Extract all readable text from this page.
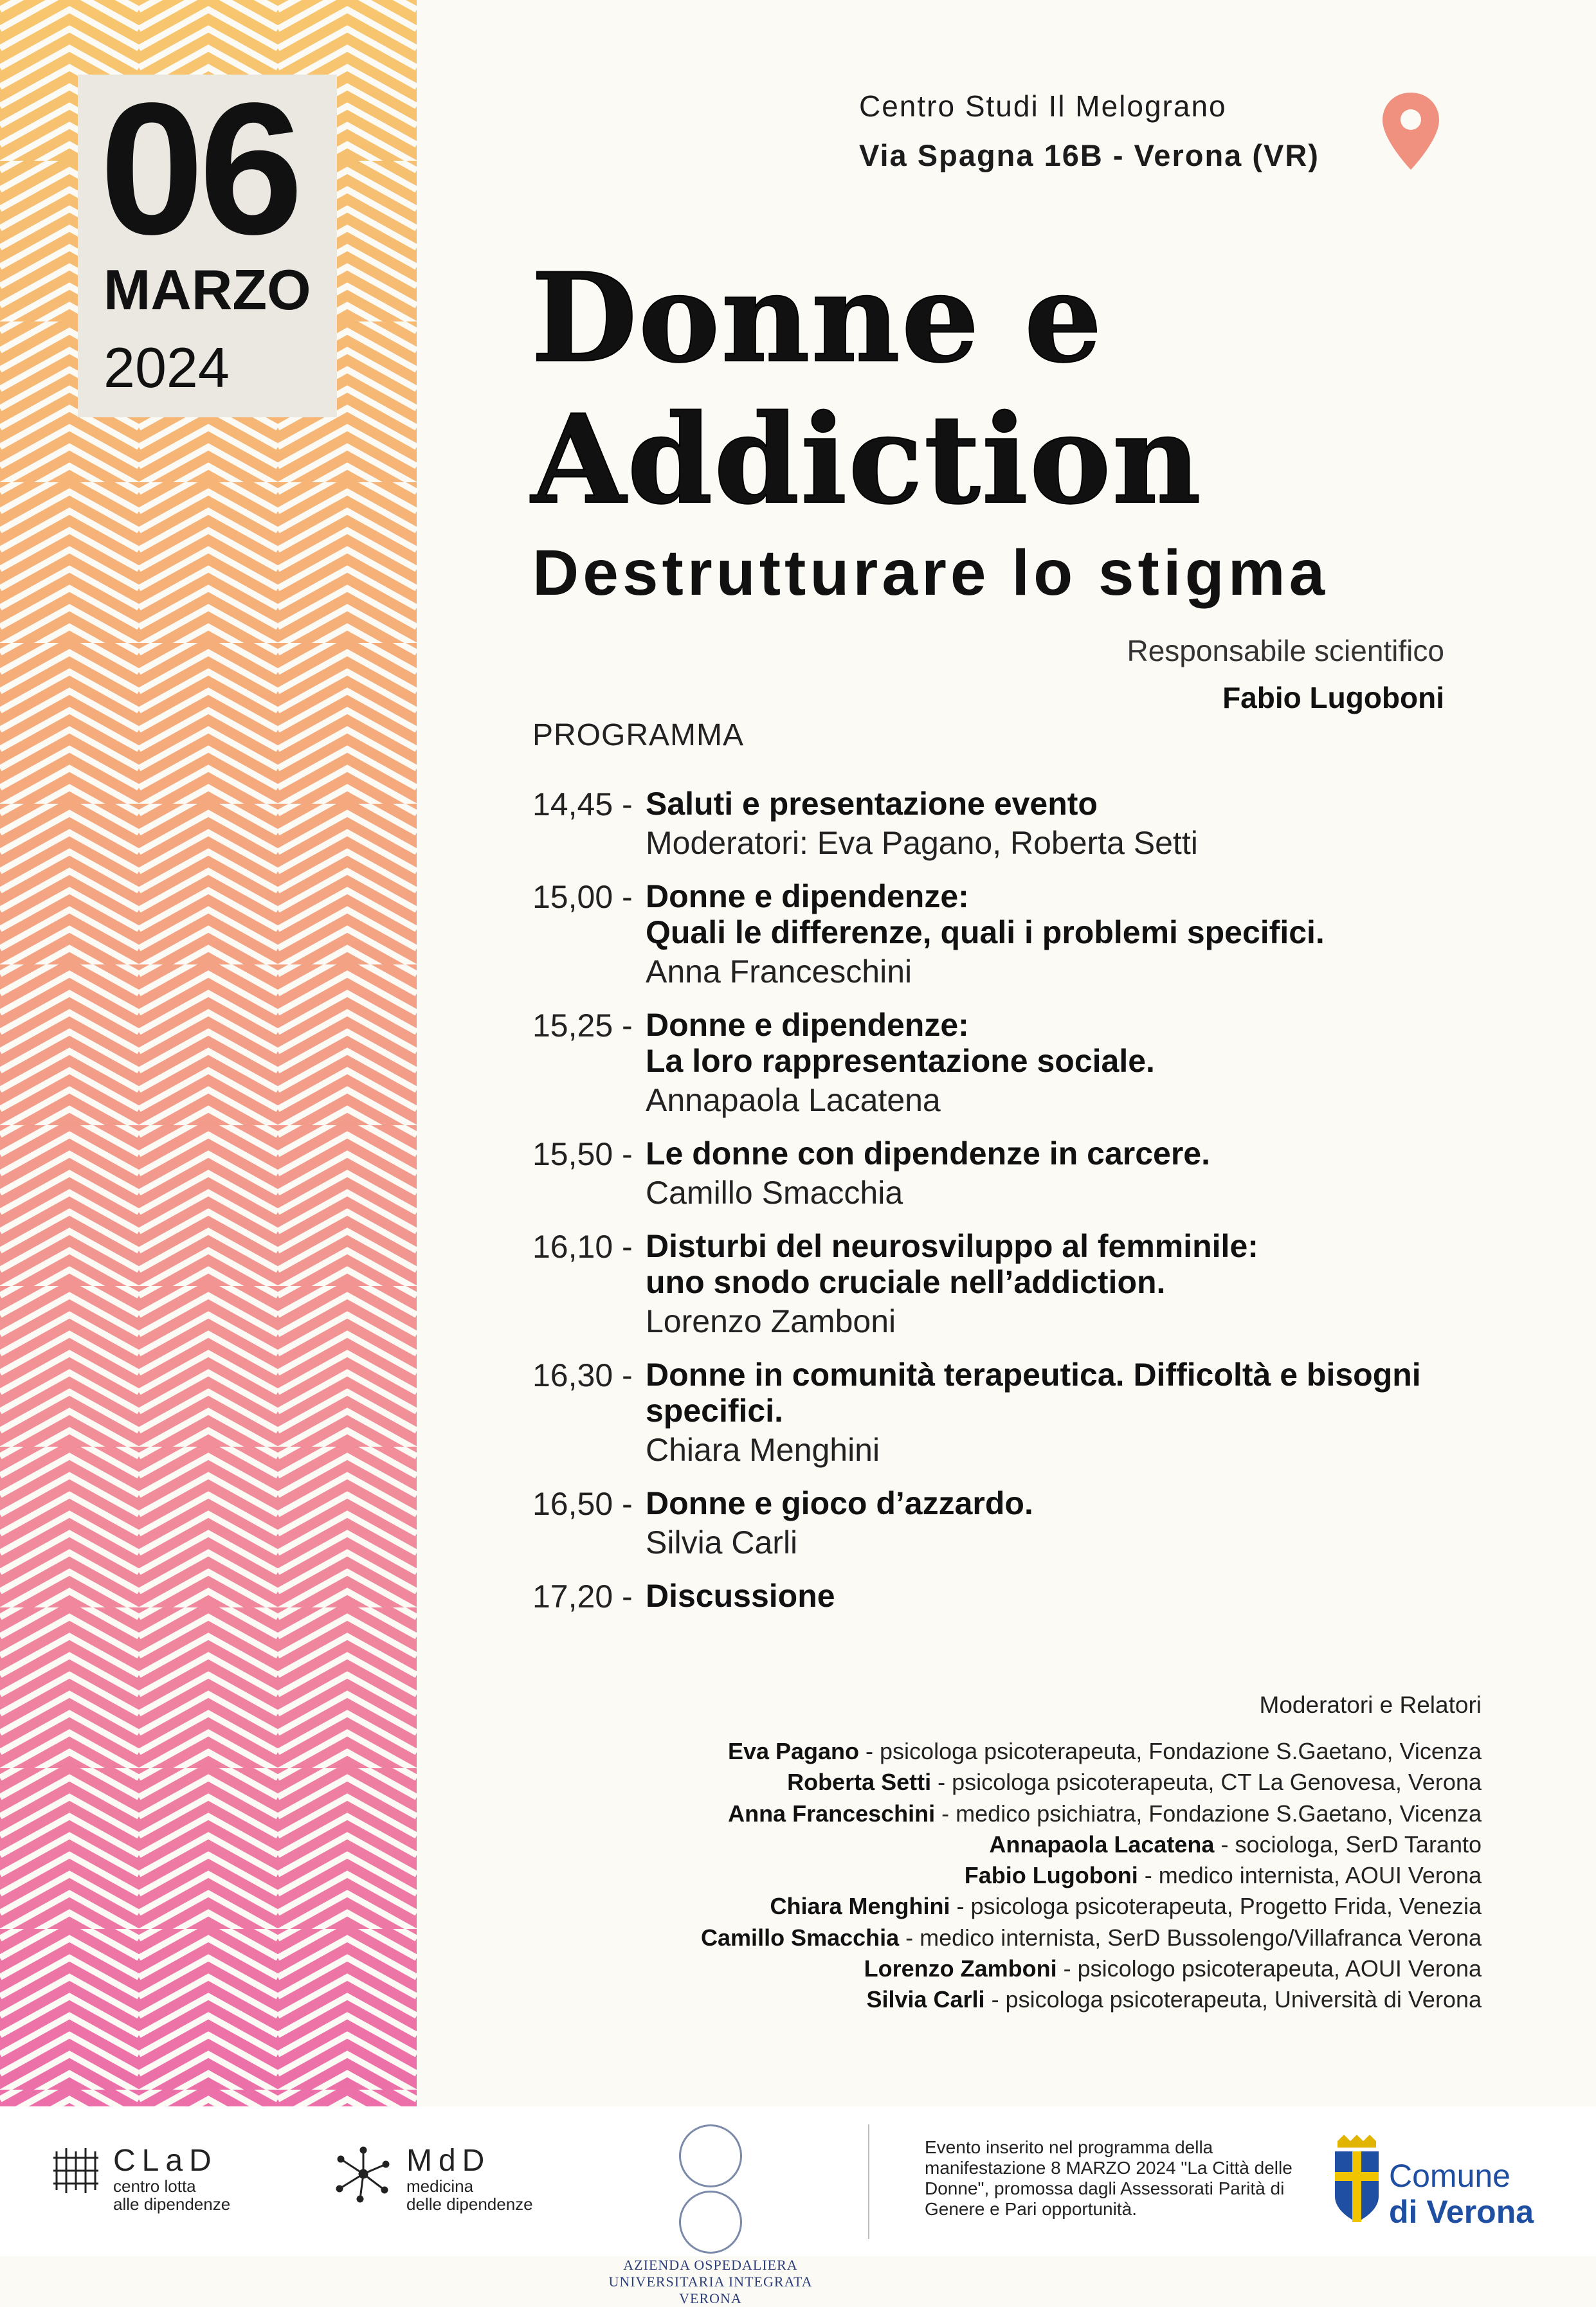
06
MARZO
2024
Centro Studi Il Melograno
Via Spagna 16B - Verona (VR)
Donne e
Addiction
Destrutturare lo stigma
Responsabile scientifico
Fabio Lugoboni
PROGRAMMA
14,45 - Saluti e presentazione evento
Moderatori: Eva Pagano, Roberta Setti
15,00 - Donne e dipendenze:
Quali le differenze, quali i problemi specifici.
Anna Franceschini
15,25 - Donne e dipendenze:
La loro rappresentazione sociale.
Annapaola Lacatena
15,50 - Le donne con dipendenze in carcere.
Camillo Smacchia
16,10 - Disturbi del neurosviluppo al femminile:
uno snodo cruciale nell’addiction.
Lorenzo Zamboni
16,30 - Donne in comunità terapeutica. Difficoltà e bisogni
specifici.
Chiara Menghini
16,50 - Donne e gioco d’azzardo.
Silvia Carli
17,20 - Discussione
Moderatori e Relatori
Eva Pagano - psicologa psicoterapeuta, Fondazione S.Gaetano, Vicenza
Roberta Setti - psicologa psicoterapeuta, CT La Genovesa, Verona
Anna Franceschini - medico psichiatra, Fondazione S.Gaetano, Vicenza
Annapaola Lacatena - sociologa, SerD Taranto
Fabio Lugoboni - medico internista, AOUI Verona
Chiara Menghini - psicologa psicoterapeuta, Progetto Frida, Venezia
Camillo Smacchia - medico internista, SerD Bussolengo/Villafranca Verona
Lorenzo Zamboni - psicologo psicoterapeuta, AOUI Verona
Silvia Carli - psicologa psicoterapeuta, Università di Verona
CLaD
centro lotta
alle dipendenze
MdD
medicina
delle dipendenze
AZIENDA OSPEDALIERA
UNIVERSITARIA INTEGRATA
VERONA
Evento inserito nel programma della manifestazione 8 MARZO 2024 "La Città delle Donne", promossa dagli Assessorati Parità di Genere e Pari opportunità.
Comune
di Verona
